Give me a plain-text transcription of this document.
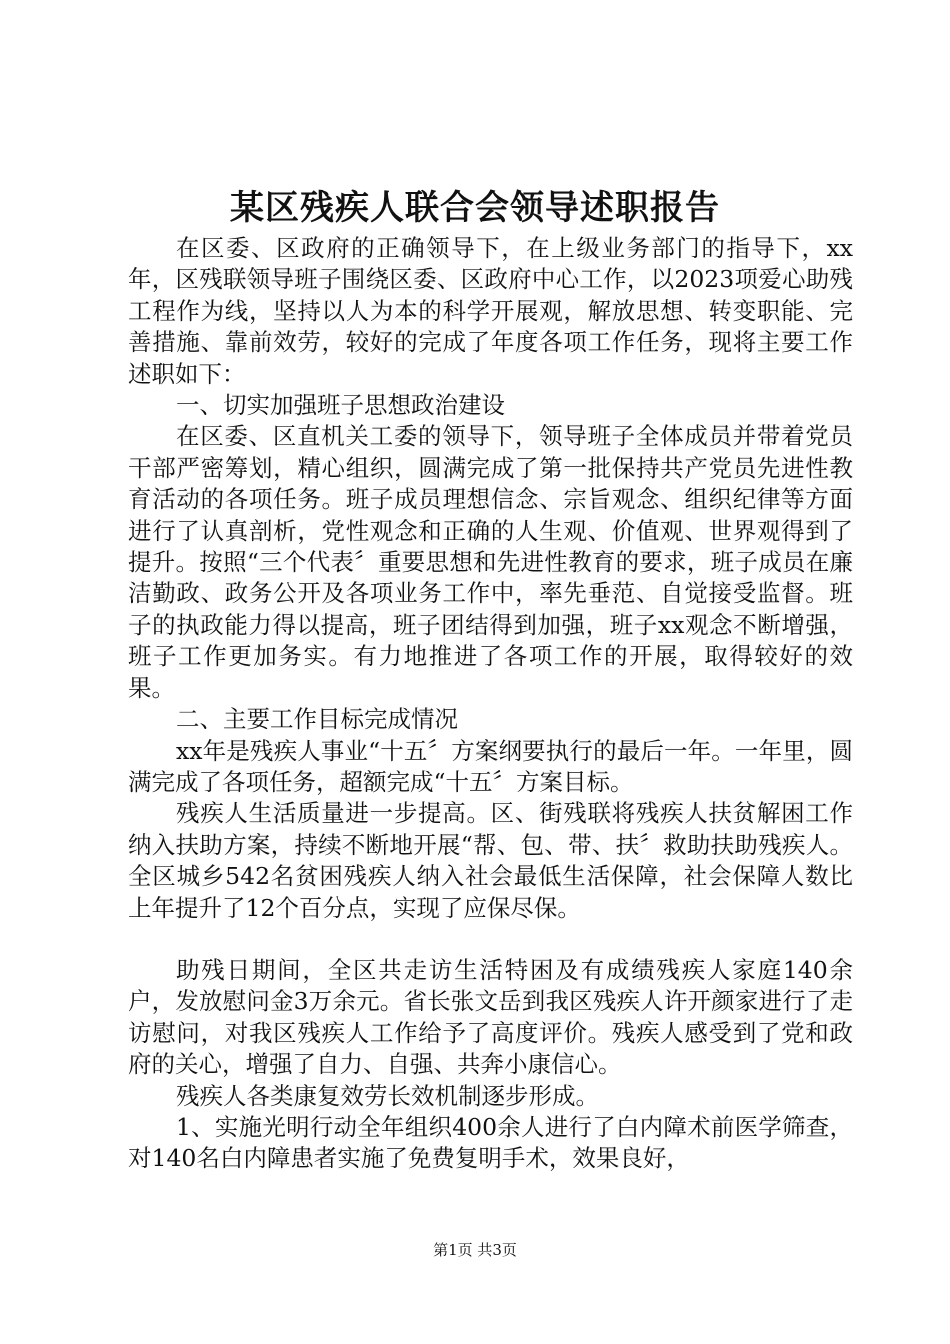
某区残疾人联合会领导述职报告

在区委、区政府的正确领导下，在上级业务部门的指导下，xx年，区残联领导班子围绕区委、区政府中心工作，以2023项爱心助残工程作为线，坚持以人为本的科学开展观，解放思想、转变职能、完善措施、靠前效劳，较好的完成了年度各项工作任务，现将主要工作述职如下：

一、切实加强班子思想政治建设

在区委、区直机关工委的领导下，领导班子全体成员并带着党员干部严密筹划，精心组织，圆满完成了第一批保持共产党员先进性教育活动的各项任务。班子成员理想信念、宗旨观念、组织纪律等方面进行了认真剖析，党性观念和正确的人生观、价值观、世界观得到了提升。按照“三个代表〞重要思想和先进性教育的要求，班子成员在廉洁勤政、政务公开及各项业务工作中，率先垂范、自觉接受监督。班子的执政能力得以提高，班子团结得到加强，班子xx观念不断增强，班子工作更加务实。有力地推进了各项工作的开展，取得较好的效果。

二、主要工作目标完成情况

xx年是残疾人事业“十五〞方案纲要执行的最后一年。一年里，圆满完成了各项任务，超额完成“十五〞方案目标。

残疾人生活质量进一步提高。区、街残联将残疾人扶贫解困工作纳入扶助方案，持续不断地开展“帮、包、带、扶〞救助扶助残疾人。全区城乡542名贫困残疾人纳入社会最低生活保障，社会保障人数比上年提升了12个百分点，实现了应保尽保。

助残日期间，全区共走访生活特困及有成绩残疾人家庭140余户，发放慰问金3万余元。省长张文岳到我区残疾人许开颜家进行了走访慰问，对我区残疾人工作给予了高度评价。残疾人感受到了党和政府的关心，增强了自力、自强、共奔小康信心。

残疾人各类康复效劳长效机制逐步形成。

1、实施光明行动全年组织400余人进行了白内障术前医学筛查，对140名白内障患者实施了免费复明手术，效果良好，

第1页 共3页
